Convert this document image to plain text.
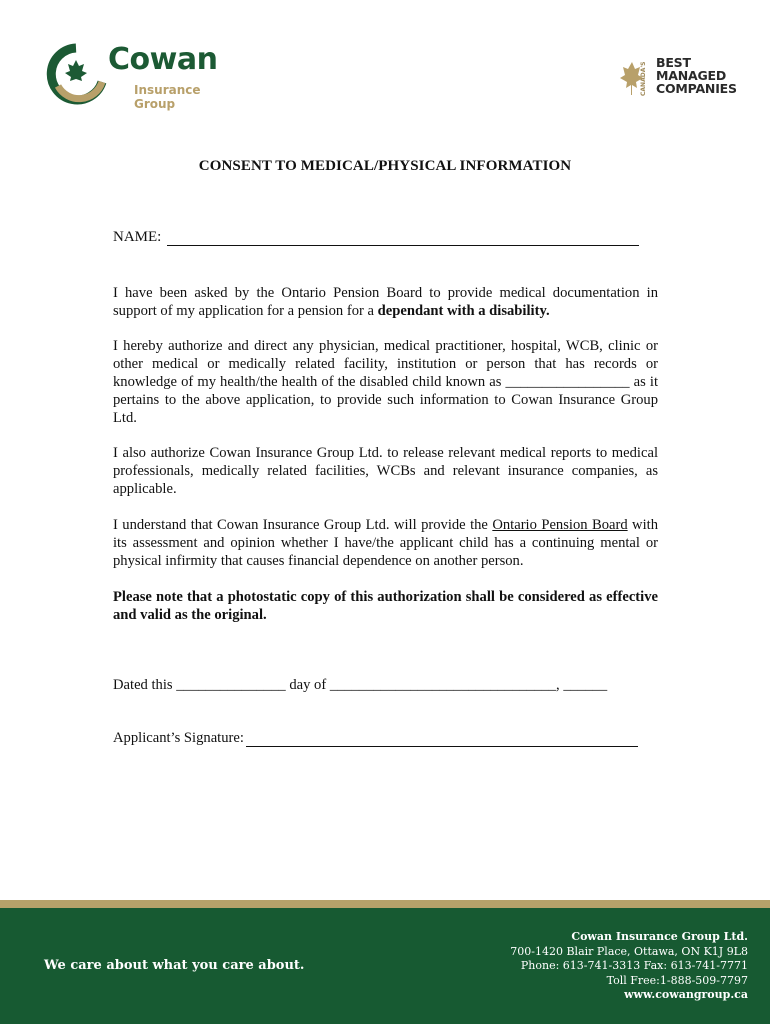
Cowan
Insurance Group
CANADA'S BEST
MANAGED
COMPANIES
CONSENT TO MEDICAL/PHYSICAL INFORMATION
NAME:
I have been asked by the Ontario Pension Board to provide medical documentation in support of my application for a pension for a dependant with a disability.
I hereby authorize and direct any physician, medical practitioner, hospital, WCB, clinic or other medical or medically related facility, institution or person that has records or knowledge of my health/the health of the disabled child known as _________________ as it pertains to the above application, to provide such information to Cowan Insurance Group Ltd.
I also authorize Cowan Insurance Group Ltd. to release relevant medical reports to medical professionals, medically related facilities, WCBs and relevant insurance companies, as applicable.
I understand that Cowan Insurance Group Ltd. will provide the Ontario Pension Board with its assessment and opinion whether I have/the applicant child has a continuing mental or physical infirmity that causes financial dependence on another person.
Please note that a photostatic copy of this authorization shall be considered as effective and valid as the original.
Dated this _______________ day of _______________________________, ______
Applicant’s Signature:
We care about what you care about.
Cowan Insurance Group Ltd.
700-1420 Blair Place, Ottawa, ON K1J 9L8
Phone: 613-741-3313 Fax: 613-741-7771
Toll Free:1-888-509-7797
www.cowangroup.ca
